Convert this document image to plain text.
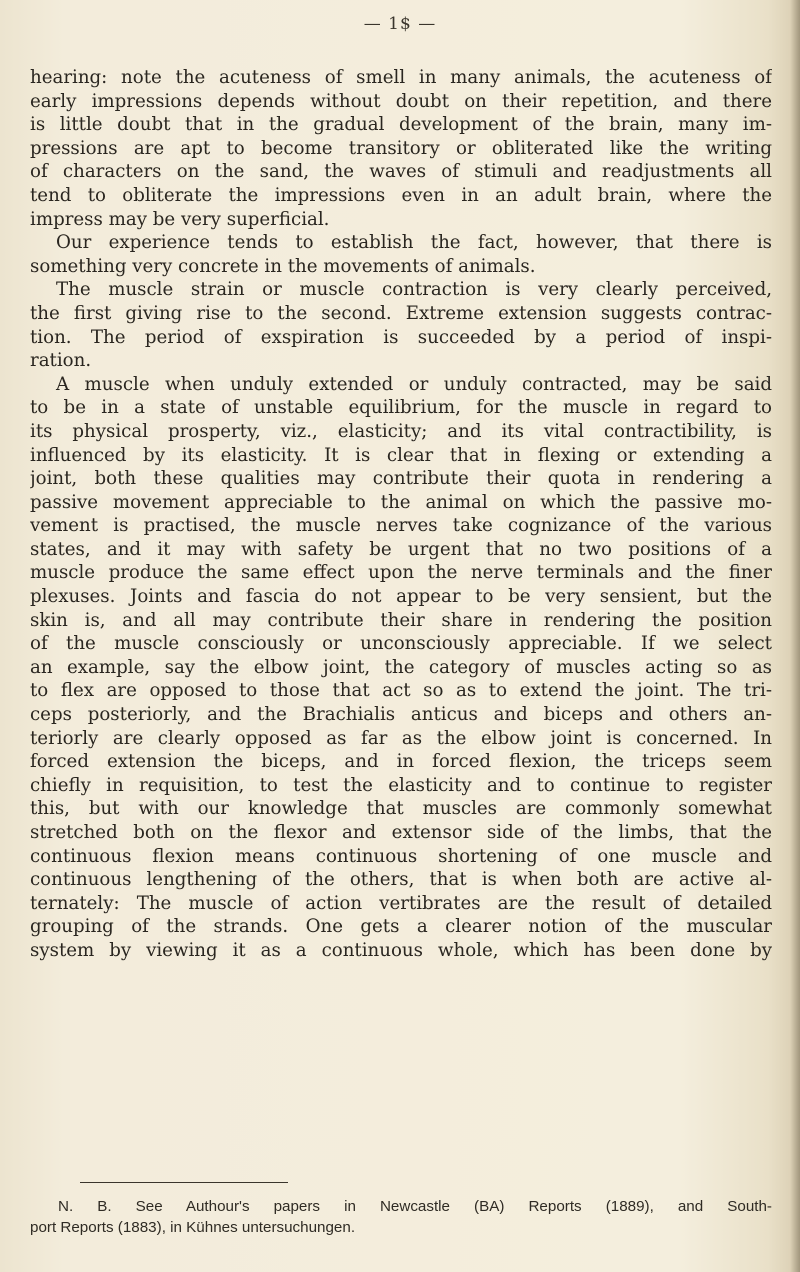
— 1$ —
hearing: note the acuteness of smell in many animals, the acuteness of
early impressions depends without doubt on their repetition, and there
is little doubt that in the gradual development of the brain, many im-
pressions are apt to become transitory or obliterated like the writing
of characters on the sand, the waves of stimuli and readjustments all
tend to obliterate the impressions even in an adult brain, where the
impress may be very superficial.
Our experience tends to establish the fact, however, that there is
something very concrete in the movements of animals.
The muscle strain or muscle contraction is very clearly perceived,
the first giving rise to the second. Extreme extension suggests contrac-
tion. The period of exspiration is succeeded by a period of inspi-
ration.
A muscle when unduly extended or unduly contracted, may be said
to be in a state of unstable equilibrium, for the muscle in regard to
its physical prosperty, viz., elasticity; and its vital contractibility, is
influenced by its elasticity. It is clear that in flexing or extending a
joint, both these qualities may contribute their quota in rendering a
passive movement appreciable to the animal on which the passive mo-
vement is practised, the muscle nerves take cognizance of the various
states, and it may with safety be urgent that no two positions of a
muscle produce the same effect upon the nerve terminals and the finer
plexuses. Joints and fascia do not appear to be very sensient, but the
skin is, and all may contribute their share in rendering the position
of the muscle consciously or unconsciously appreciable. If we select
an example, say the elbow joint, the category of muscles acting so as
to flex are opposed to those that act so as to extend the joint. The tri-
ceps posteriorly, and the Brachialis anticus and biceps and others an-
teriorly are clearly opposed as far as the elbow joint is concerned. In
forced extension the biceps, and in forced flexion, the triceps seem
chiefly in requisition, to test the elasticity and to continue to register
this, but with our knowledge that muscles are commonly somewhat
stretched both on the flexor and extensor side of the limbs, that the
continuous flexion means continuous shortening of one muscle and
continuous lengthening of the others, that is when both are active al-
ternately: The muscle of action vertibrates are the result of detailed
grouping of the strands. One gets a clearer notion of the muscular
system by viewing it as a continuous whole, which has been done by
N. B. See Authour's papers in Newcastle (BA) Reports (1889), and South-
port Reports (1883), in Kühnes untersuchungen.
